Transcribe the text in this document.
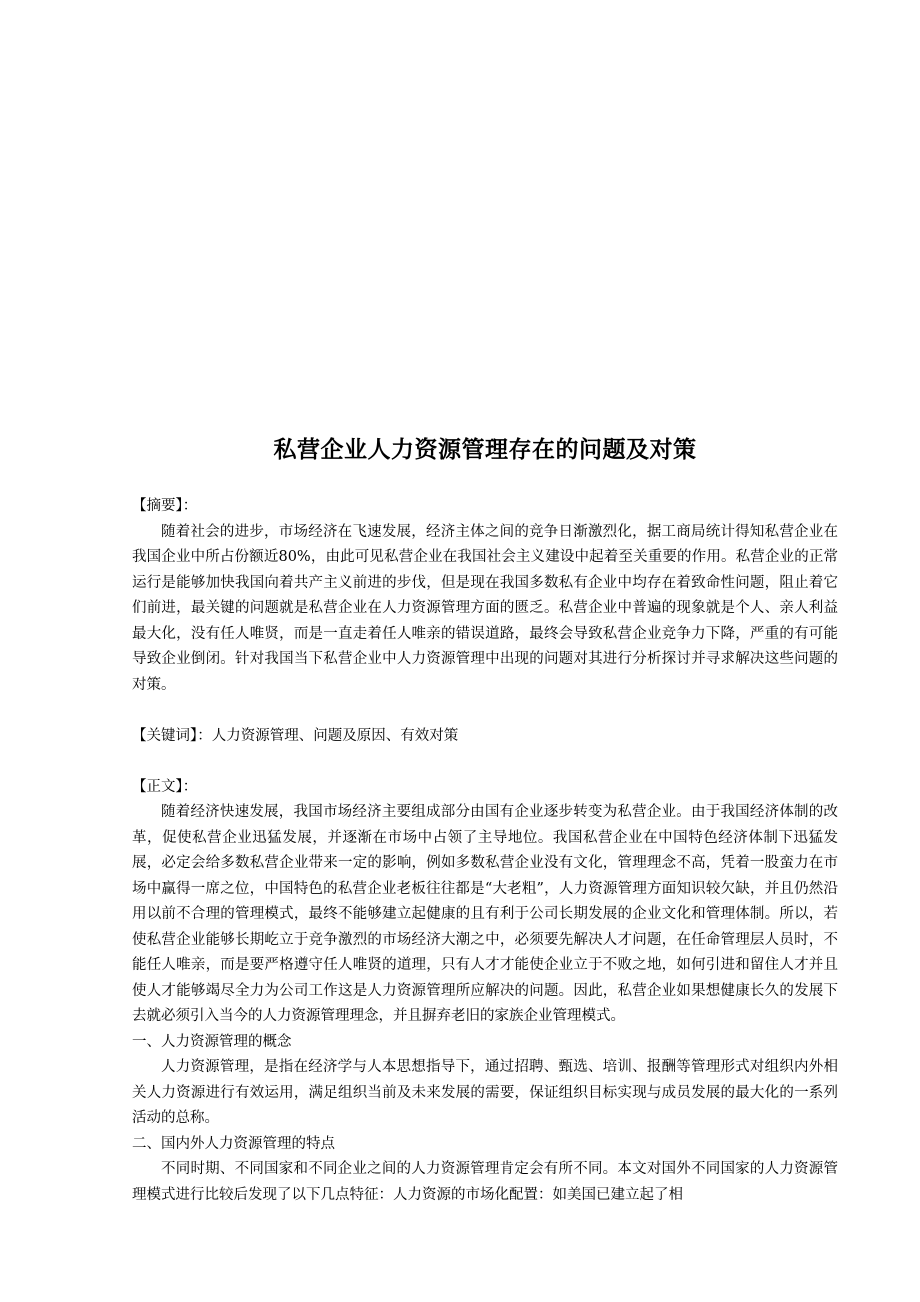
私营企业人力资源管理存在的问题及对策

【摘要】：

随着社会的进步，市场经济在飞速发展，经济主体之间的竞争日渐激烈化，据工商局统计得知私营企业在我国企业中所占份额近80%，由此可见私营企业在我国社会主义建设中起着至关重要的作用。私营企业的正常运行是能够加快我国向着共产主义前进的步伐，但是现在我国多数私有企业中均存在着致命性问题，阻止着它们前进，最关键的问题就是私营企业在人力资源管理方面的匮乏。私营企业中普遍的现象就是个人、亲人利益最大化，没有任人唯贤，而是一直走着任人唯亲的错误道路，最终会导致私营企业竞争力下降，严重的有可能导致企业倒闭。针对我国当下私营企业中人力资源管理中出现的问题对其进行分析探讨并寻求解决这些问题的对策。

【关键词】：人力资源管理、问题及原因、有效对策

【正文】：

随着经济快速发展，我国市场经济主要组成部分由国有企业逐步转变为私营企业。由于我国经济体制的改革，促使私营企业迅猛发展，并逐渐在市场中占领了主导地位。我国私营企业在中国特色经济体制下迅猛发展，必定会给多数私营企业带来一定的影响，例如多数私营企业没有文化，管理理念不高，凭着一股蛮力在市场中赢得一席之位，中国特色的私营企业老板往往都是“大老粗”，人力资源管理方面知识较欠缺，并且仍然沿用以前不合理的管理模式，最终不能够建立起健康的且有利于公司长期发展的企业文化和管理体制。所以，若使私营企业能够长期屹立于竞争激烈的市场经济大潮之中，必须要先解决人才问题，在任命管理层人员时，不能任人唯亲，而是要严格遵守任人唯贤的道理，只有人才才能使企业立于不败之地，如何引进和留住人才并且使人才能够竭尽全力为公司工作这是人力资源管理所应解决的问题。因此，私营企业如果想健康长久的发展下去就必须引入当今的人力资源管理理念，并且摒弃老旧的家族企业管理模式。

一、人力资源管理的概念

人力资源管理，是指在经济学与人本思想指导下，通过招聘、甄选、培训、报酬等管理形式对组织内外相关人力资源进行有效运用，满足组织当前及未来发展的需要，保证组织目标实现与成员发展的最大化的一系列活动的总称。

二、国内外人力资源管理的特点

不同时期、不同国家和不同企业之间的人力资源管理肯定会有所不同。本文对国外不同国家的人力资源管理模式进行比较后发现了以下几点特征：人力资源的市场化配置：如美国已建立起了相
